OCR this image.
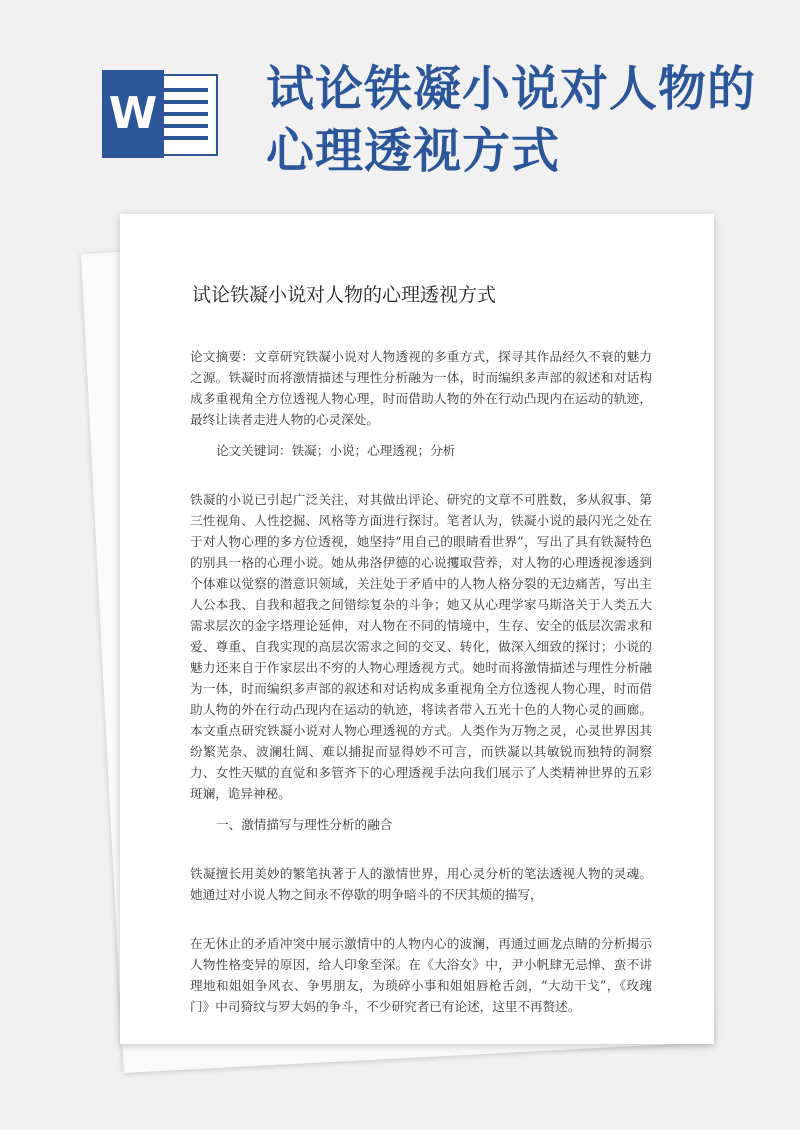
W 试论铁凝小说对人物的心理透视方式
试论铁凝小说对人物的心理透视方式

论文摘要：文章研究铁凝小说对人物透视的多重方式，探寻其作品经久不衰的魅力之源。铁凝时而将激情描述与理性分析融为一体，时而编织多声部的叙述和对话构成多重视角全方位透视人物心理，时而借助人物的外在行动凸现内在运动的轨迹，最终让读者走进人物的心灵深处。

论文关键词：铁凝；小说；心理透视；分析

铁凝的小说已引起广泛关注，对其做出评论、研究的文章不可胜数，多从叙事、第三性视角、人性挖掘、风格等方面进行探讨。笔者认为，铁凝小说的最闪光之处在于对人物心理的多方位透视，她坚持“用自己的眼睛看世界”，写出了具有铁凝特色的别具一格的心理小说。她从弗洛伊德的心说攫取营养，对人物的心理透视渗透到个体难以觉察的潜意识领域，关注处于矛盾中的人物人格分裂的无边痛苦，写出主人公本我、自我和超我之间错综复杂的斗争；她又从心理学家马斯洛关于人类五大需求层次的金字塔理论延伸，对人物在不同的情境中，生存、安全的低层次需求和爱、尊重、自我实现的高层次需求之间的交叉、转化，做深入细致的探讨；小说的魅力还来自于作家层出不穷的人物心理透视方式。她时而将激情描述与理性分析融为一体，时而编织多声部的叙述和对话构成多重视角全方位透视人物心理，时而借助人物的外在行动凸现内在运动的轨迹，将读者带入五光十色的人物心灵的画廊。本文重点研究铁凝小说对人物心理透视的方式。人类作为万物之灵，心灵世界因其纷繁芜杂、波澜壮阔、难以捕捉而显得妙不可言，而铁凝以其敏锐而独特的洞察力、女性天赋的直觉和多管齐下的心理透视手法向我们展示了人类精神世界的五彩斑斓，诡异神秘。

一、激情描写与理性分析的融合

铁凝擅长用美妙的繁笔执著于人的激情世界，用心灵分析的笔法透视人物的灵魂。她通过对小说人物之间永不停歇的明争暗斗的不厌其烦的描写，

在无休止的矛盾冲突中展示激情中的人物内心的波澜，再通过画龙点睛的分析揭示人物性格变异的原因，给人印象至深。在《大浴女》中，尹小帆肆无忌惮、蛮不讲理地和姐姐争风衣、争男朋友，为琐碎小事和姐姐唇枪舌剑，“大动干戈”，《玫瑰门》中司猗纹与罗大妈的争斗，不少研究者已有论述，这里不再赘述。
